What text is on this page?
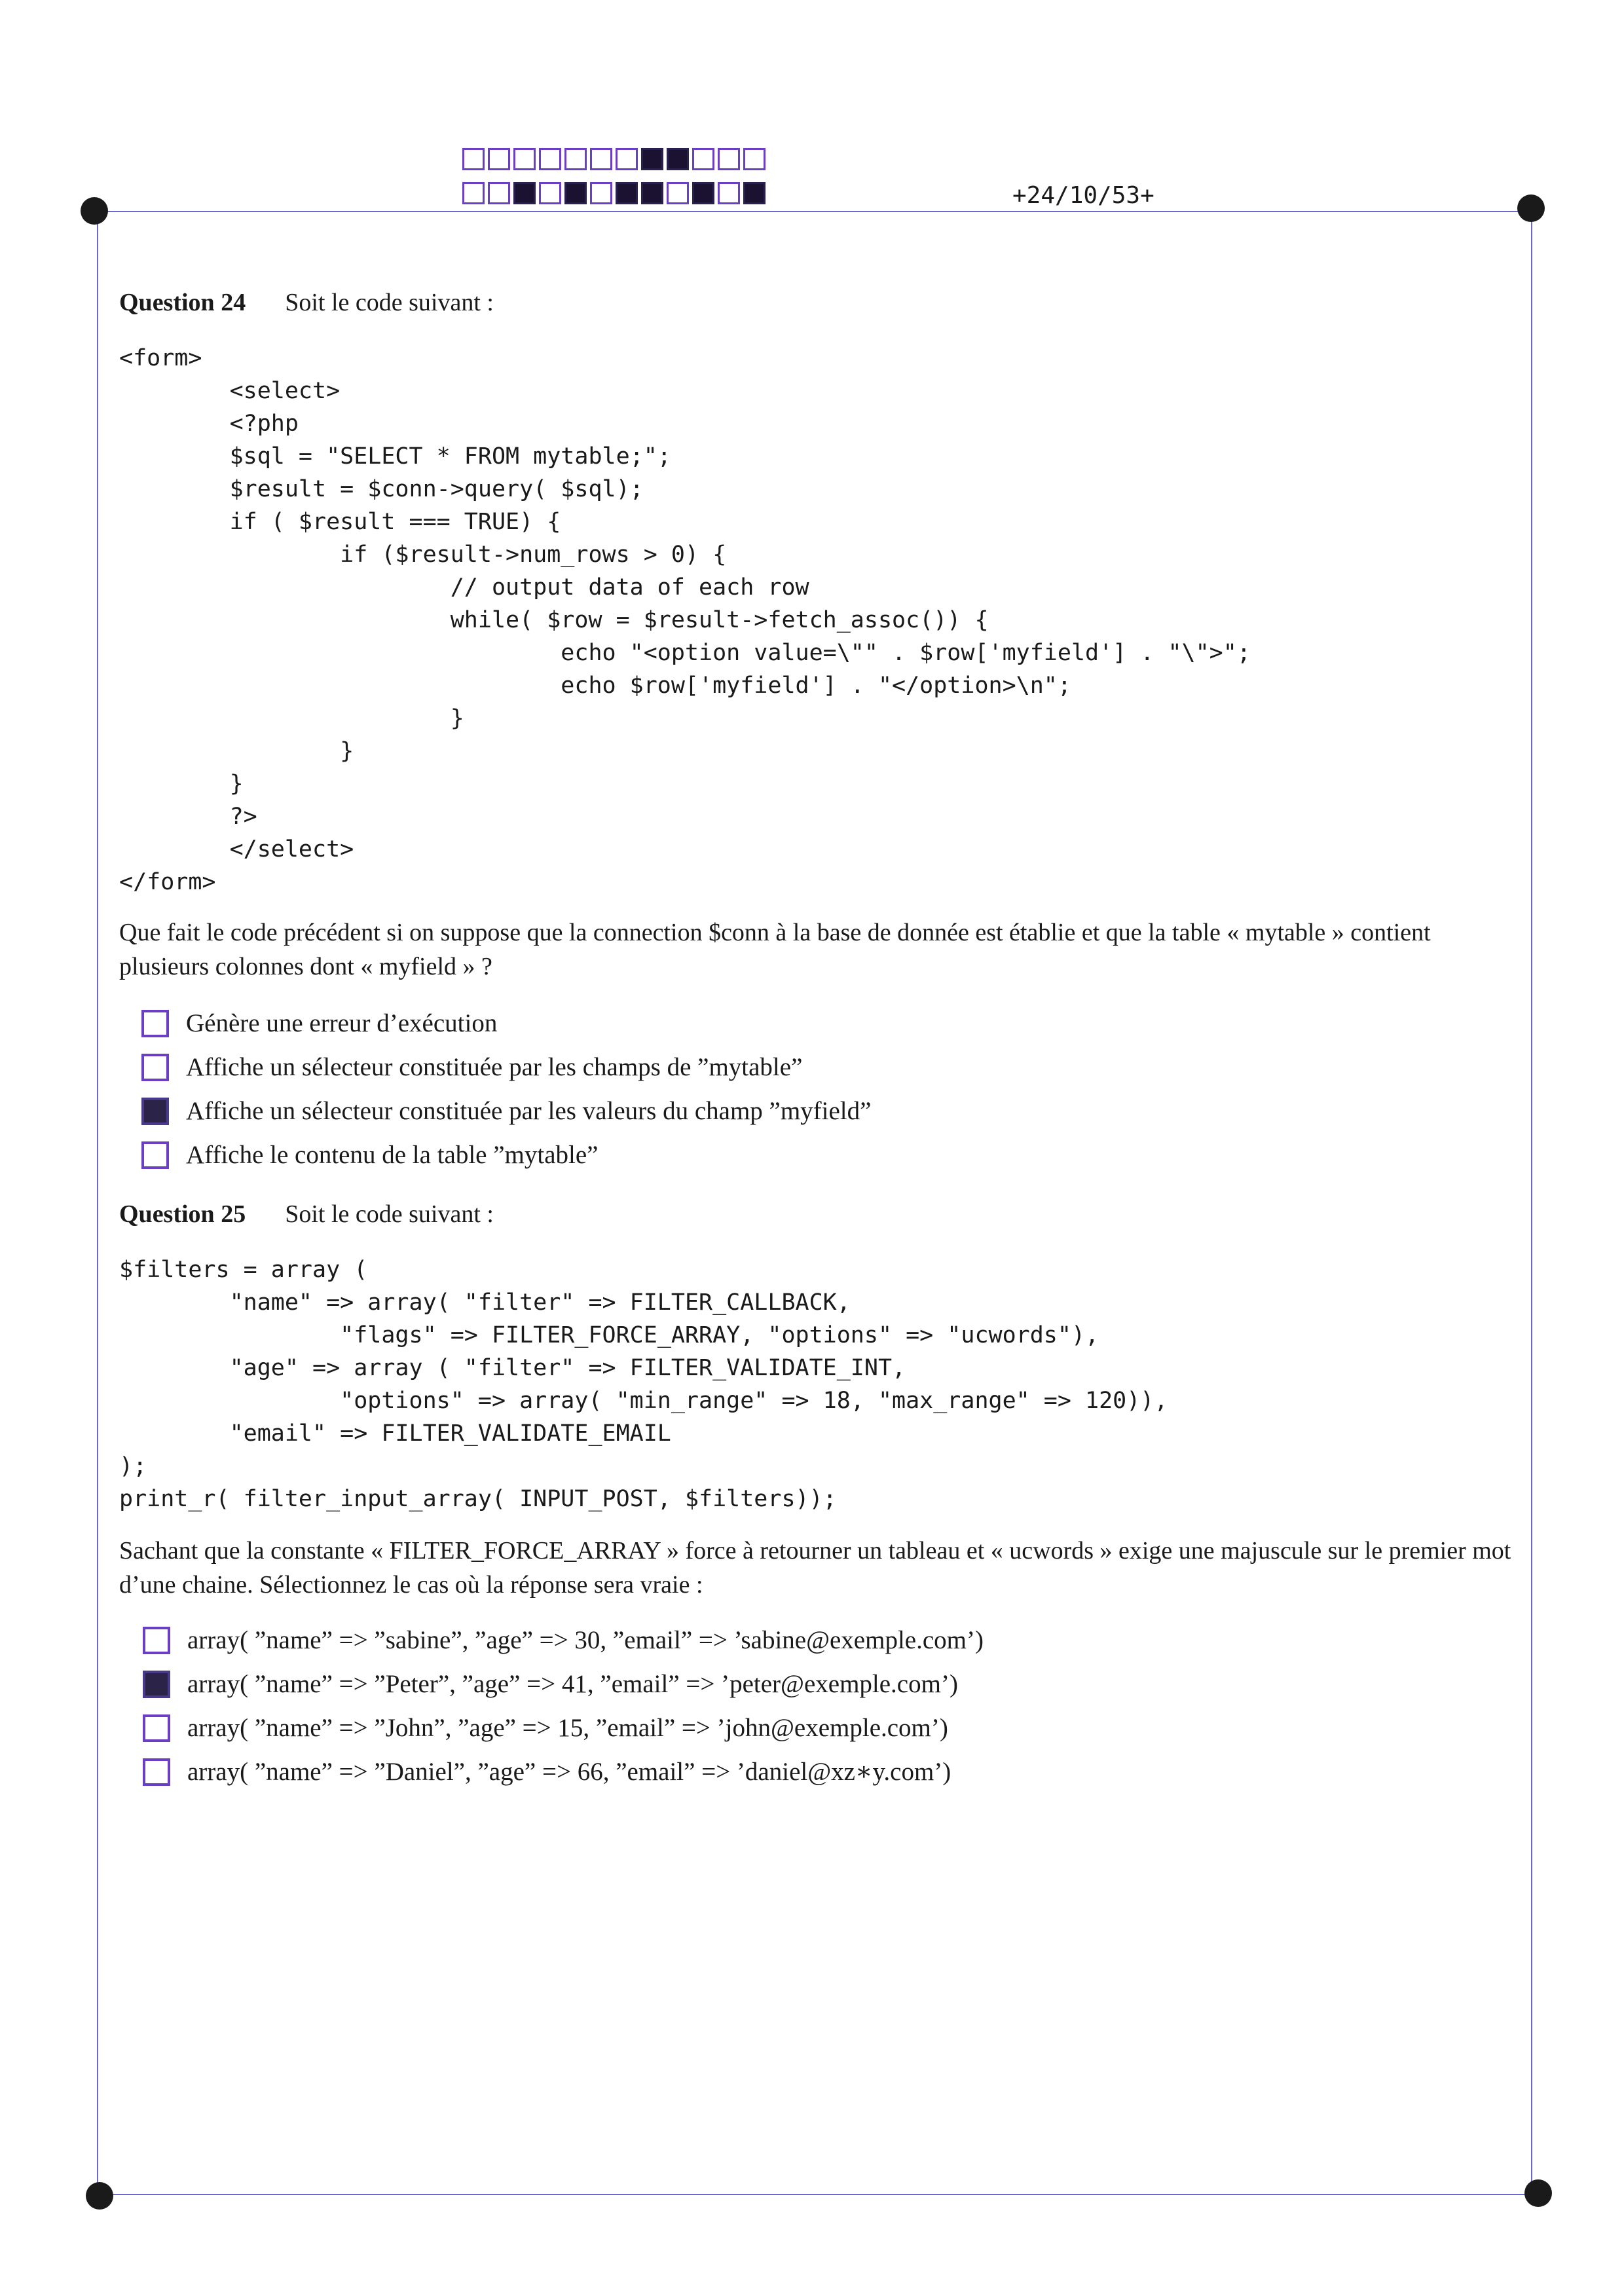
+24/10/53+
Question 24 Soit le code suivant :
<form>
<select>
<?php
$sql = "SELECT * FROM mytable;";
$result = $conn->query( $sql);
if ( $result === TRUE) {
if ($result->num_rows > 0) {
// output data of each row
while( $row = $result->fetch_assoc()) {
echo "<option value=\"" . $row['myfield'] . "\">";
echo $row['myfield'] . "</option>\n";
}
}
}
?>
</select>
</form>
Que fait le code précédent si on suppose que la connection $conn à la base de donnée est établie et que la table « mytable » contient plusieurs colonnes dont « myfield » ?
Génère une erreur d’exécution
Affiche un sélecteur constituée par les champs de ”mytable”
Affiche un sélecteur constituée par les valeurs du champ ”myfield”
Affiche le contenu de la table ”mytable”
Question 25 Soit le code suivant :
$filters = array (
"name" => array( "filter" => FILTER_CALLBACK,
"flags" => FILTER_FORCE_ARRAY, "options" => "ucwords"),
"age" => array ( "filter" => FILTER_VALIDATE_INT,
"options" => array( "min_range" => 18, "max_range" => 120)),
"email" => FILTER_VALIDATE_EMAIL
);
print_r( filter_input_array( INPUT_POST, $filters));
Sachant que la constante « FILTER_FORCE_ARRAY » force à retourner un tableau et « ucwords » exige une majuscule sur le premier mot d’une chaine. Sélectionnez le cas où la réponse sera vraie :
array( ”name” => ”sabine”, ”age” => 30, ”email” => ’sabine@exemple.com’)
array( ”name” => ”Peter”, ”age” => 41, ”email” => ’peter@exemple.com’)
array( ”name” => ”John”, ”age” => 15, ”email” => ’john@exemple.com’)
array( ”name” => ”Daniel”, ”age” => 66, ”email” => ’daniel@xz∗y.com’)
